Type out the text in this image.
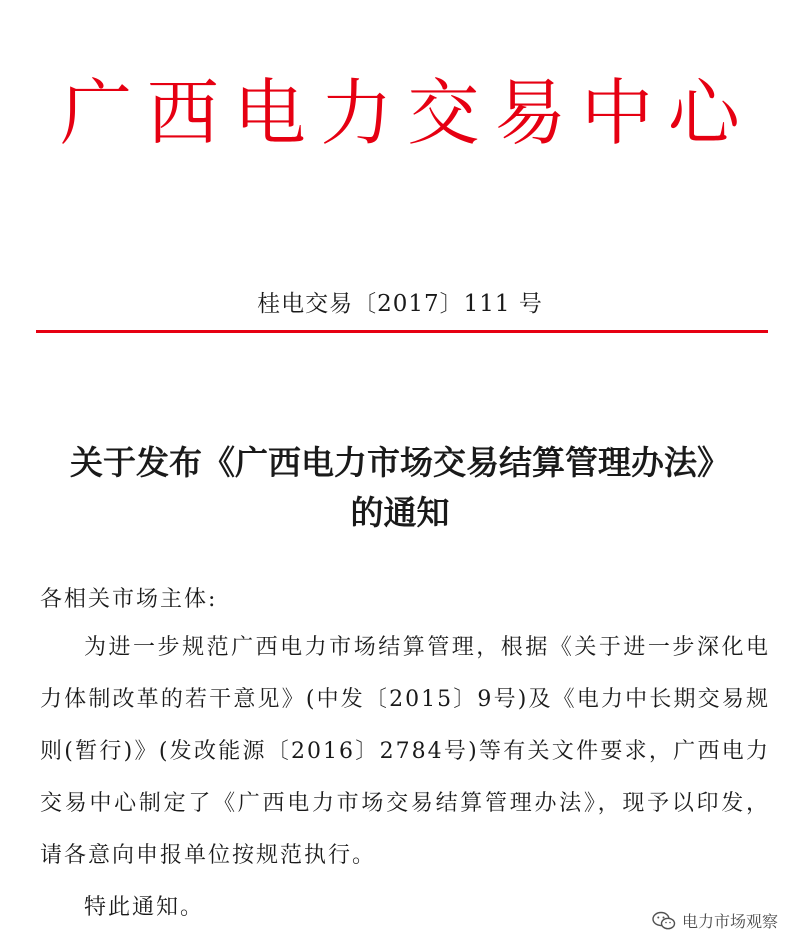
广 西 电 力 交 易 中 心
桂电交易〔2017〕111 号
关于发布《广西电力市场交易结算管理办法》
的通知

各相关市场主体:

为进一步规范广西电力市场结算管理，根据《关于进一步深化电力体制改革的若干意见》(中发〔2015〕9号)及《电力中长期交易规则(暂行)》(发改能源〔2016〕2784号)等有关文件要求，广西电力交易中心制定了《广西电力市场交易结算管理办法》，现予以印发，请各意向申报单位按规范执行。

特此通知。

电力市场观察
